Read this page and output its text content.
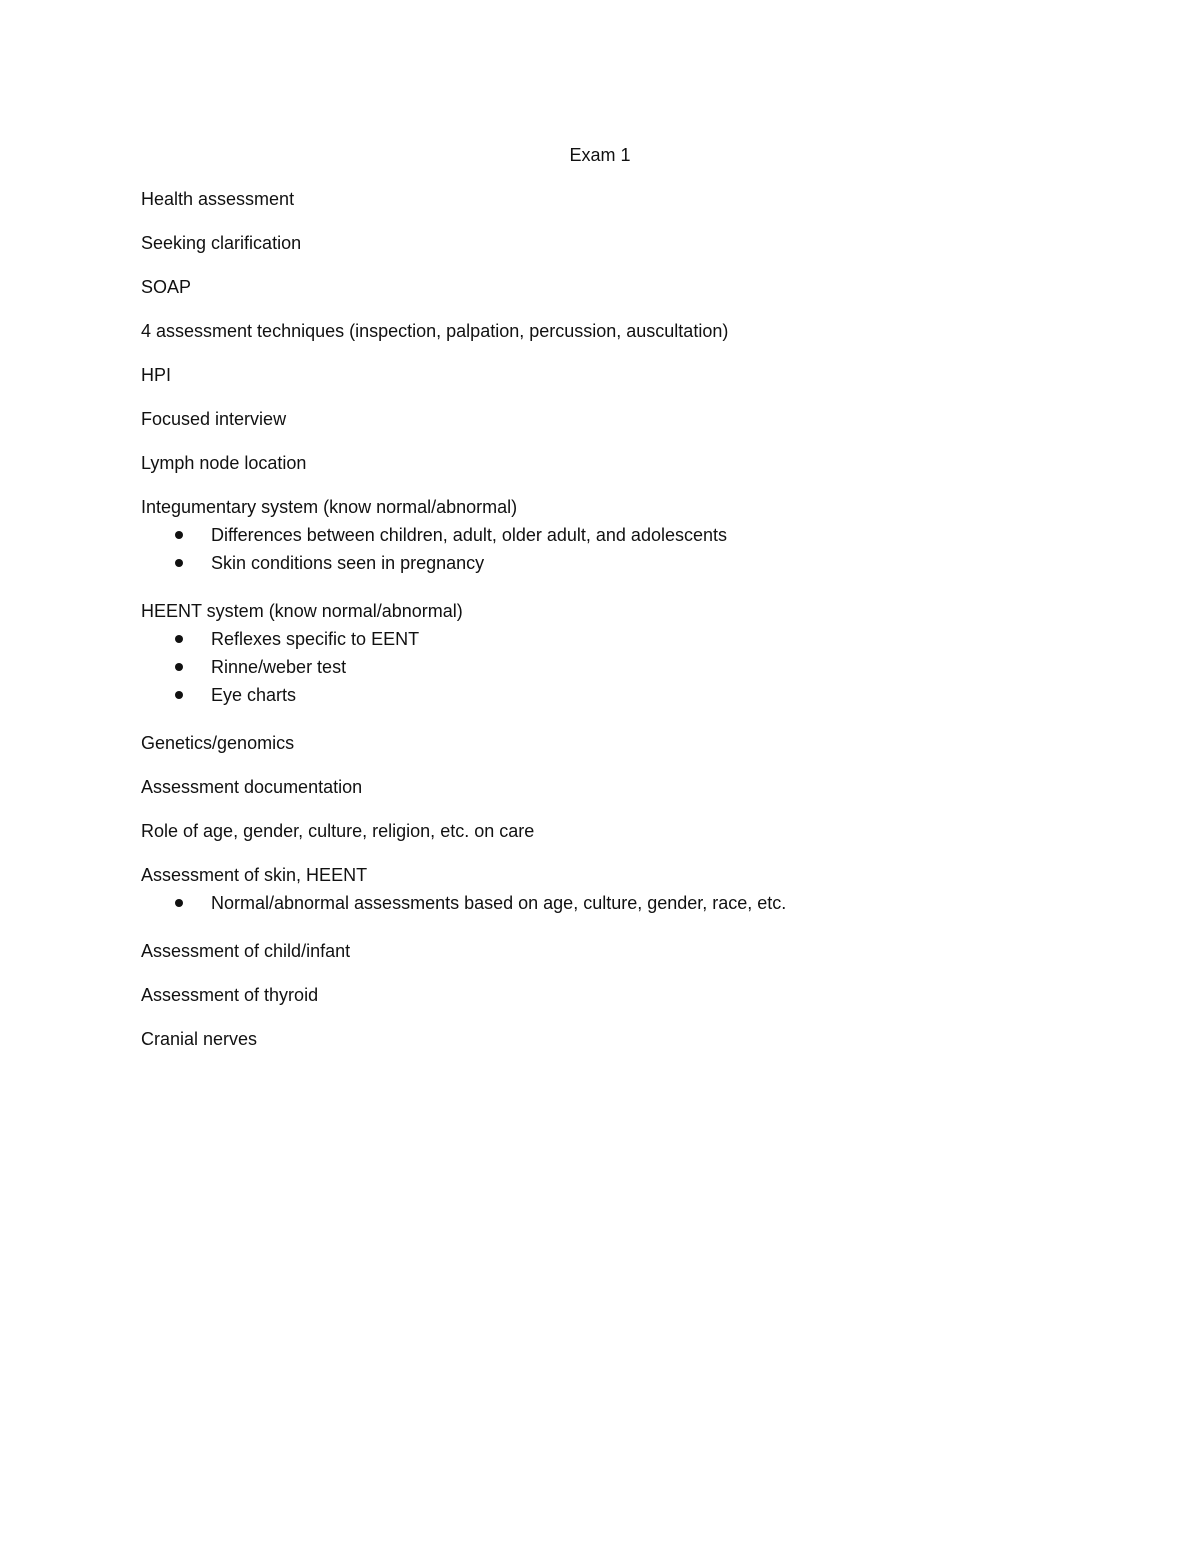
Exam 1

Health assessment

Seeking clarification

SOAP

4 assessment techniques (inspection, palpation, percussion, auscultation)

HPI

Focused interview

Lymph node location

Integumentary system (know normal/abnormal)

Differences between children, adult, older adult, and adolescents
Skin conditions seen in pregnancy

HEENT system (know normal/abnormal)

Reflexes specific to EENT
Rinne/weber test
Eye charts

Genetics/genomics

Assessment documentation

Role of age, gender, culture, religion, etc. on care

Assessment of skin, HEENT

Normal/abnormal assessments based on age, culture, gender, race, etc.

Assessment of child/infant

Assessment of thyroid

Cranial nerves
